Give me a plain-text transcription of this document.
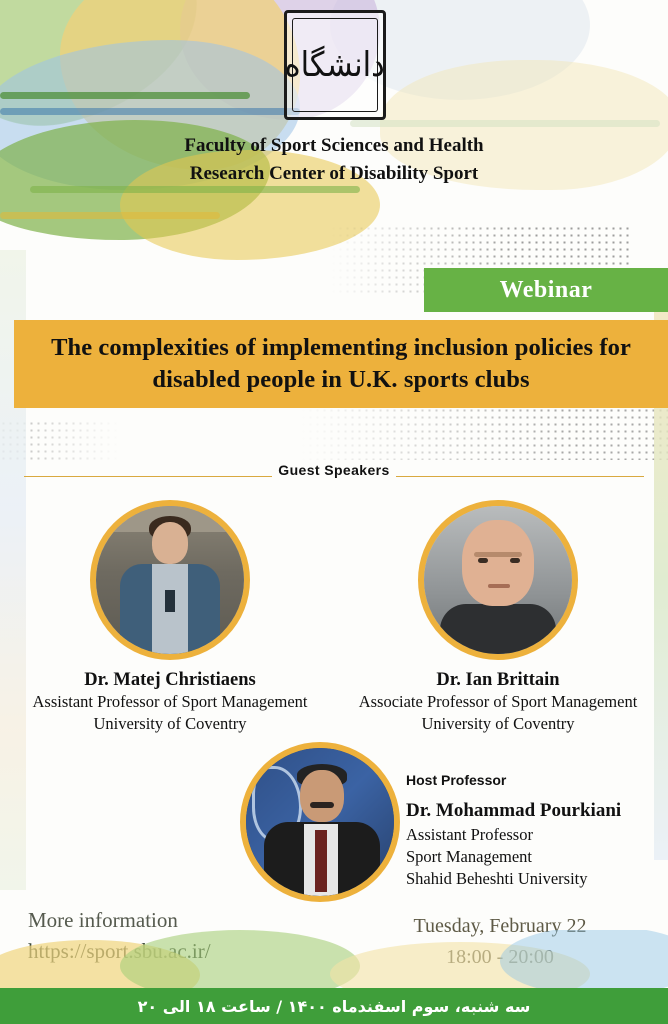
دانشگاه
Faculty of Sport Sciences and Health
Research Center of Disability Sport
Webinar
The complexities of implementing inclusion policies for disabled people in U.K. sports clubs
Guest Speakers
Dr. Matej Christiaens
Assistant Professor of Sport Management
University of Coventry
Dr. Ian Brittain
Associate Professor of Sport Management
University of Coventry
Host Professor
Dr. Mohammad Pourkiani
Assistant Professor
Sport Management
Shahid Beheshti University
More information	Tuesday, February 22
سه شنبه، سوم اسفندماه ۱۴۰۰ / ساعت ۱۸ الی ۲۰
